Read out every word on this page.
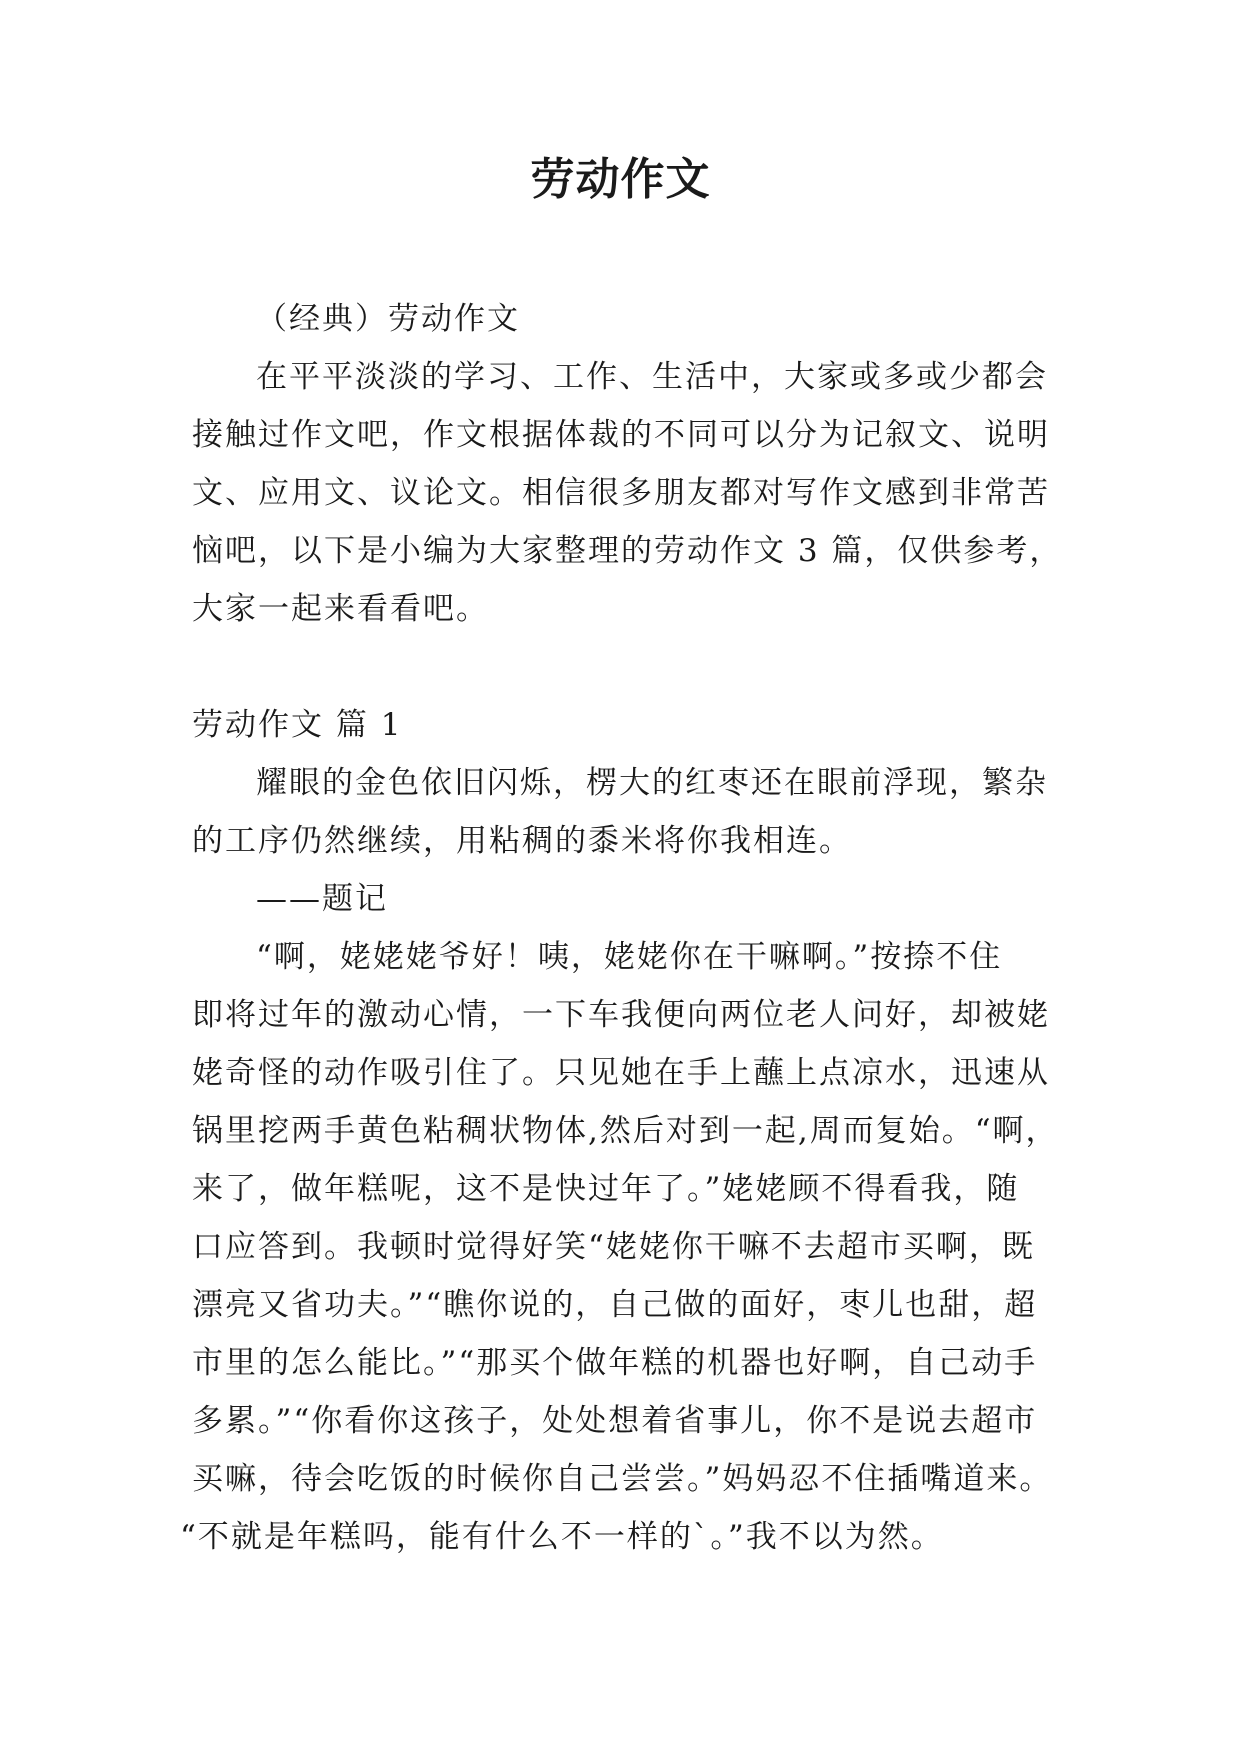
劳动作文
（经典）劳动作文
在平平淡淡的学习、工作、生活中，大家或多或少都会
接触过作文吧，作文根据体裁的不同可以分为记叙文、说明
文、应用文、议论文。相信很多朋友都对写作文感到非常苦
恼吧，以下是小编为大家整理的劳动作文 3 篇，仅供参考，
大家一起来看看吧。
劳动作文 篇 1
耀眼的金色依旧闪烁，楞大的红枣还在眼前浮现，繁杂
的工序仍然继续，用粘稠的黍米将你我相连。
——题记
“啊，姥姥姥爷好！咦，姥姥你在干嘛啊。”按捺不住
即将过年的激动心情，一下车我便向两位老人问好，却被姥
姥奇怪的动作吸引住了。只见她在手上蘸上点凉水，迅速从
锅里挖两手黄色粘稠状物体,然后对到一起,周而复始。“啊，
来了，做年糕呢，这不是快过年了。”姥姥顾不得看我，随
口应答到。我顿时觉得好笑“姥姥你干嘛不去超市买啊，既
漂亮又省功夫。”“瞧你说的，自己做的面好，枣儿也甜，超
市里的怎么能比。”“那买个做年糕的机器也好啊，自己动手
多累。”“你看你这孩子，处处想着省事儿，你不是说去超市
买嘛，待会吃饭的时候你自己尝尝。”妈妈忍不住插嘴道来。
“不就是年糕吗，能有什么不一样的`。”我不以为然。
